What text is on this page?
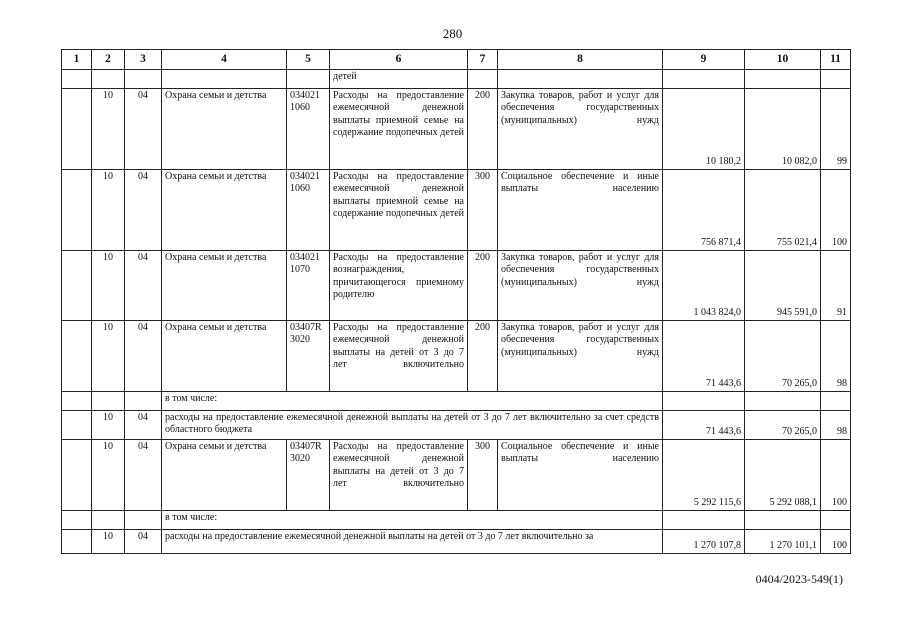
280
1	2	3	4	5	6	7	8	9	10	11
					детей					
	10	04	Охрана семьи и детства	034021 1060	Расходы на предоставление ежемесячной денежной выплаты приемной семье на содержание подопечных детей	200	Закупка товаров, работ и услуг для обеспечения государственных (муниципальных) нужд	10 180,2	10 082,0	99
	10	04	Охрана семьи и детства	034021 1060	Расходы на предоставление ежемесячной денежной выплаты приемной семье на содержание подопечных детей	300	Социальное обеспечение и иные выплаты населению	756 871,4	755 021,4	100
	10	04	Охрана семьи и детства	034021 1070	Расходы на предоставление вознаграждения, причитающегося приемному родителю	200	Закупка товаров, работ и услуг для обеспечения государственных (муниципальных) нужд	1 043 824,0	945 591,0	91
	10	04	Охрана семьи и детства	03407R 3020	Расходы на предоставление ежемесячной денежной выплаты на детей от 3 до 7 лет включительно	200	Закупка товаров, работ и услуг для обеспечения государственных (муниципальных) нужд	71 443,6	70 265,0	98
			в том числе:							
	10	04	расходы на предоставление ежемесячной денежной выплаты на детей от 3 до 7 лет включительно за счет средств областного бюджета					71 443,6	70 265,0	98
	10	04	Охрана семьи и детства	03407R 3020	Расходы на предоставление ежемесячной денежной выплаты на детей от 3 до 7 лет включительно	300	Социальное обеспечение и иные выплаты населению	5 292 115,6	5 292 088,1	100
			в том числе:							
	10	04	расходы на предоставление ежемесячной денежной выплаты на детей от 3 до 7 лет включительно за					1 270 107,8	1 270 101,1	100
0404/2023-549(1)
